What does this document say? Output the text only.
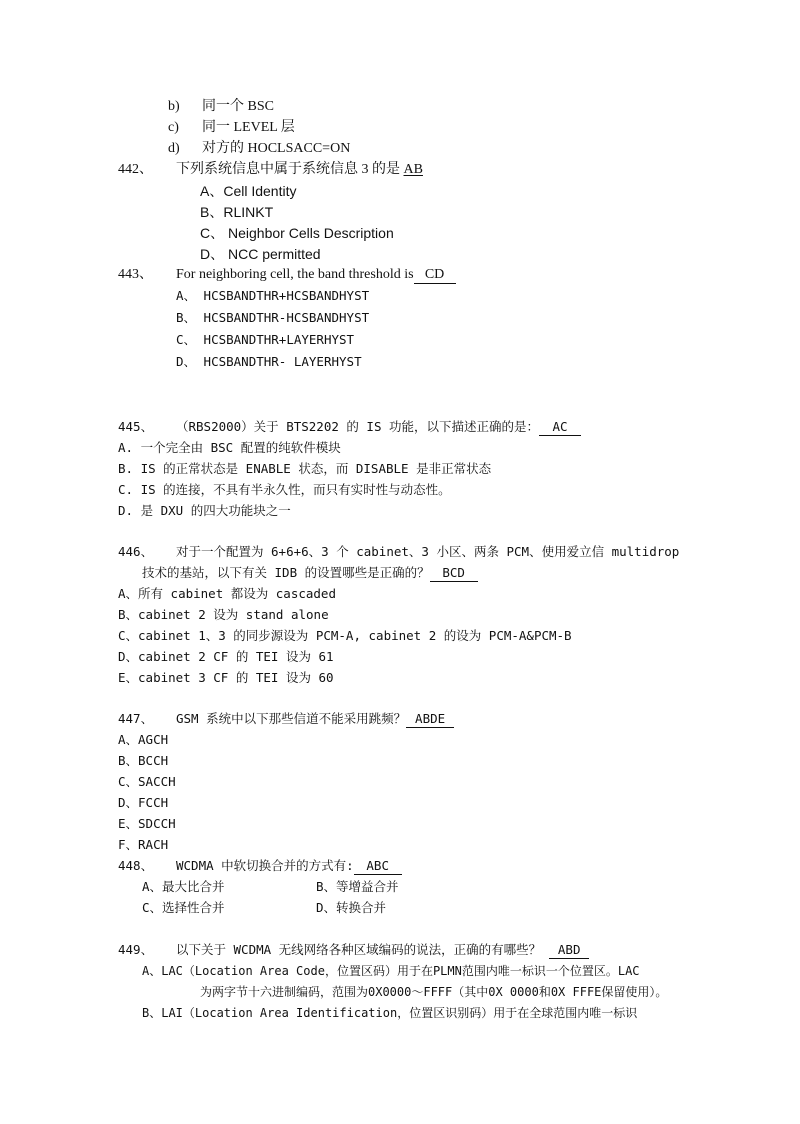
b) 同一个 BSC
c) 同一 LEVEL 层
d) 对方的 HOCLSACC=ON
442、 下列系统信息中属于系统信息 3 的是 AB
A、Cell Identity
B、RLINKT
C、 Neighbor Cells Description
D、 NCC permitted
443、 For neighboring cell, the band threshold is CD
A、 HCSBANDTHR+HCSBANDHYST
B、 HCSBANDTHR-HCSBANDHYST
C、 HCSBANDTHR+LAYERHYST
D、 HCSBANDTHR- LAYERHYST
445、 （RBS2000）关于 BTS2202 的 IS 功能，以下描述正确的是： AC
A. 一个完全由 BSC 配置的纯软件模块
B. IS 的正常状态是 ENABLE 状态，而 DISABLE 是非正常状态
C. IS 的连接，不具有半永久性，而只有实时性与动态性。
D. 是 DXU 的四大功能块之一
446、 对于一个配置为 6+6+6、3 个 cabinet、3 小区、两条 PCM、使用爱立信 multidrop
技术的基站，以下有关 IDB 的设置哪些是正确的？ BCD
A、所有 cabinet 都设为 cascaded
B、cabinet 2 设为 stand alone
C、cabinet 1、3 的同步源设为 PCM-A, cabinet 2 的设为 PCM-A&PCM-B
D、cabinet 2 CF 的 TEI 设为 61
E、cabinet 3 CF 的 TEI 设为 60
447、 GSM 系统中以下那些信道不能采用跳频？ ABDE
A、AGCH
B、BCCH
C、SACCH
D、FCCH
E、SDCCH
F、RACH
448、 WCDMA 中软切换合并的方式有: ABC
A、最大比合并	B、等增益合并
C、选择性合并	D、转换合并
449、 以下关于 WCDMA 无线网络各种区域编码的说法，正确的有哪些？ ABD
A、LAC（Location Area Code，位置区码）用于在PLMN范围内唯一标识一个位置区。LAC
为两字节十六进制编码，范围为0X0000～FFFF（其中0X 0000和0X FFFE保留使用）。
B、LAI（Location Area Identification，位置区识别码）用于在全球范围内唯一标识
